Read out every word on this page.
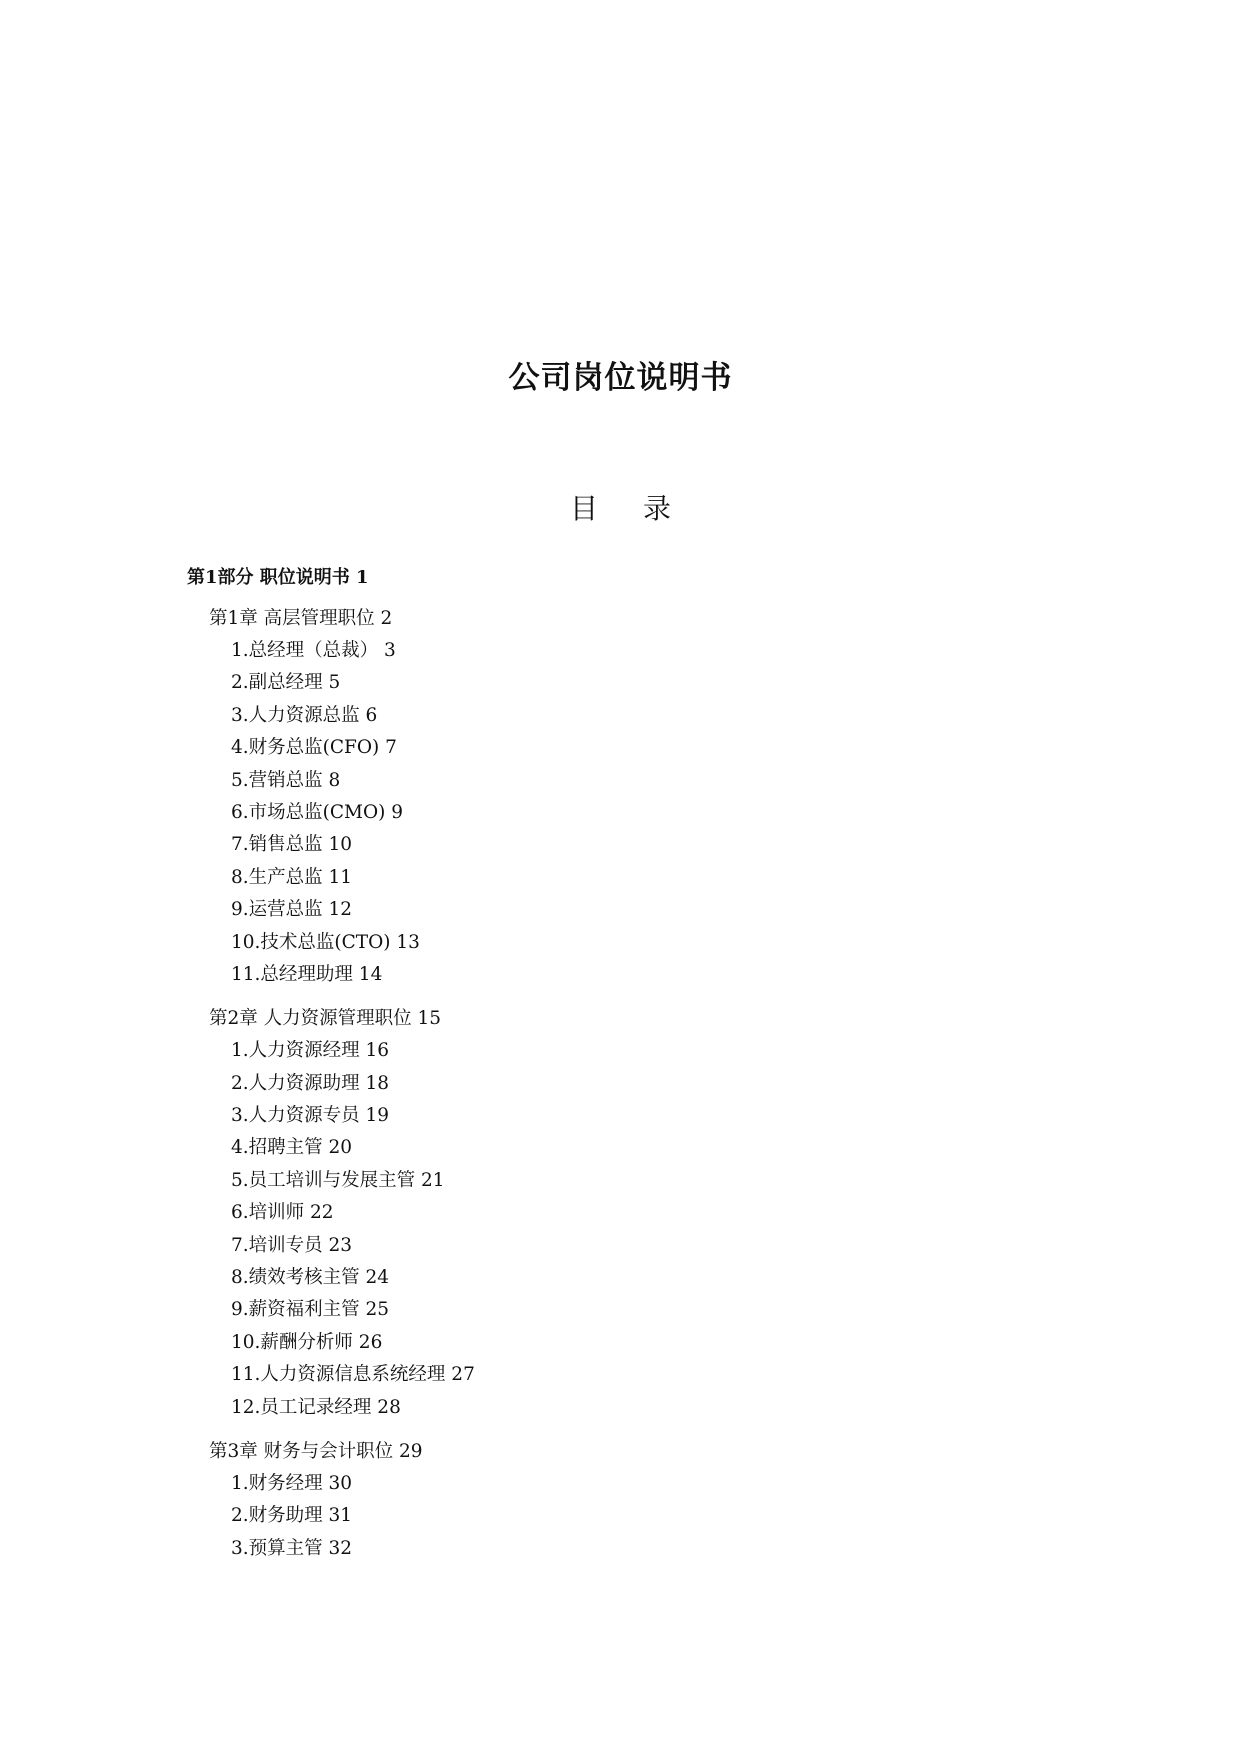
公司岗位说明书
目 录
第1部分 职位说明书 1
第1章 高层管理职位 2
1.总经理（总裁） 3
2.副总经理 5
3.人力资源总监 6
4.财务总监(CFO) 7
5.营销总监 8
6.市场总监(CMO) 9
7.销售总监 10
8.生产总监 11
9.运营总监 12
10.技术总监(CTO) 13
11.总经理助理 14
第2章 人力资源管理职位 15
1.人力资源经理 16
2.人力资源助理 18
3.人力资源专员 19
4.招聘主管 20
5.员工培训与发展主管 21
6.培训师 22
7.培训专员 23
8.绩效考核主管 24
9.薪资福利主管 25
10.薪酬分析师 26
11.人力资源信息系统经理 27
12.员工记录经理 28
第3章 财务与会计职位 29
1.财务经理 30
2.财务助理 31
3.预算主管 32
